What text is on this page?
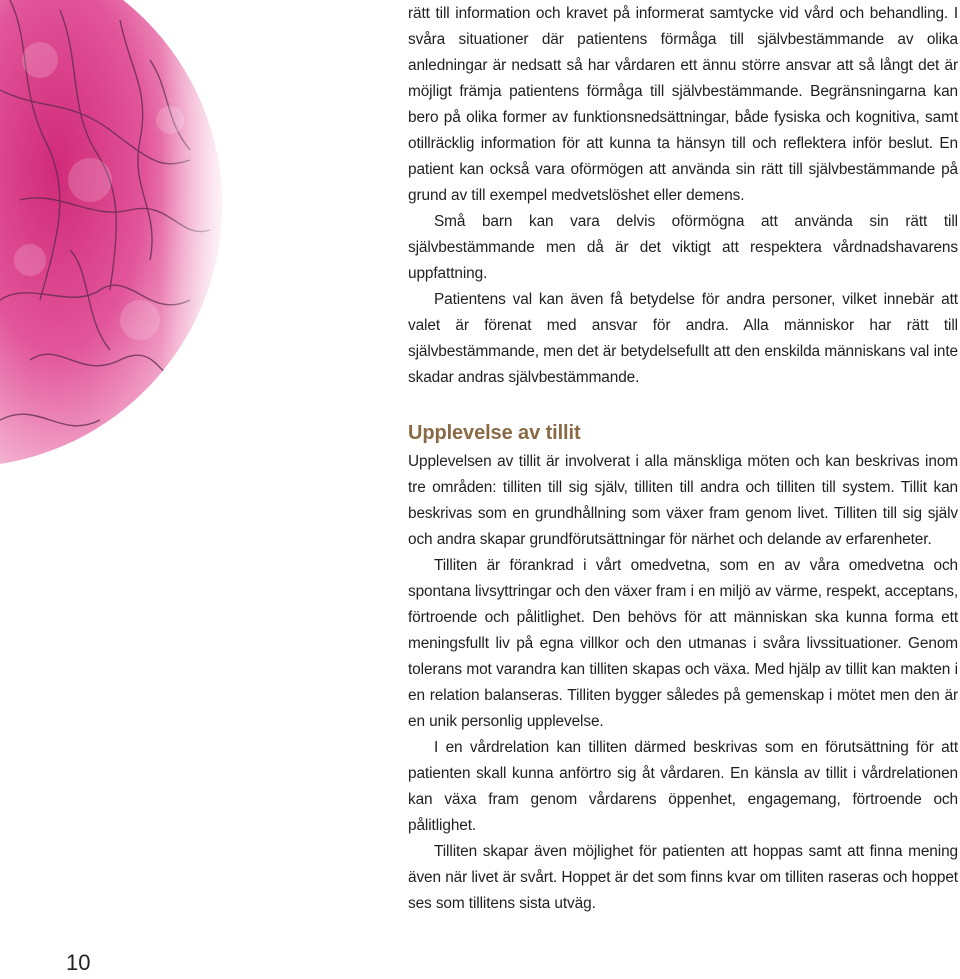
rätt till information och kravet på informerat samtycke vid vård och behandling. I svåra situationer där patientens förmåga till självbestämmande av olika anledningar är nedsatt så har vårdaren ett ännu större ansvar att så långt det är möjligt främja patientens förmåga till självbestämmande. Begränsningarna kan bero på olika former av funktionsnedsättningar, både fysiska och kognitiva, samt otillräcklig information för att kunna ta hänsyn till och reflektera inför beslut. En patient kan också vara oförmögen att använda sin rätt till självbestämmande på grund av till exempel medvetslöshet eller demens.

Små barn kan vara delvis oförmögna att använda sin rätt till självbestämmande men då är det viktigt att respektera vårdnadshavarens uppfattning.

Patientens val kan även få betydelse för andra personer, vilket innebär att valet är förenat med ansvar för andra. Alla människor har rätt till självbestämmande, men det är betydelsefullt att den enskilda människans val inte skadar andras självbestämmande.

Upplevelse av tillit

Upplevelsen av tillit är involverat i alla mänskliga möten och kan beskrivas inom tre områden: tilliten till sig själv, tilliten till andra och tilliten till system. Tillit kan beskrivas som en grundhållning som växer fram genom livet. Tilliten till sig själv och andra skapar grundförutsättningar för närhet och delande av erfarenheter.

Tilliten är förankrad i vårt omedvetna, som en av våra omedvetna och spontana livsyttringar och den växer fram i en miljö av värme, respekt, acceptans, förtroende och pålitlighet. Den behövs för att människan ska kunna forma ett meningsfullt liv på egna villkor och den utmanas i svåra livssituationer. Genom tolerans mot varandra kan tilliten skapas och växa. Med hjälp av tillit kan makten i en relation balanseras. Tilliten bygger således på gemenskap i mötet men den är en unik personlig upplevelse.

I en vårdrelation kan tilliten därmed beskrivas som en förutsättning för att patienten skall kunna anförtro sig åt vårdaren. En känsla av tillit i vårdrelationen kan växa fram genom vårdarens öppenhet, engagemang, förtroende och pålitlighet.

Tilliten skapar även möjlighet för patienten att hoppas samt att finna mening även när livet är svårt. Hoppet är det som finns kvar om tilliten raseras och hoppet ses som tillitens sista utväg.

10
